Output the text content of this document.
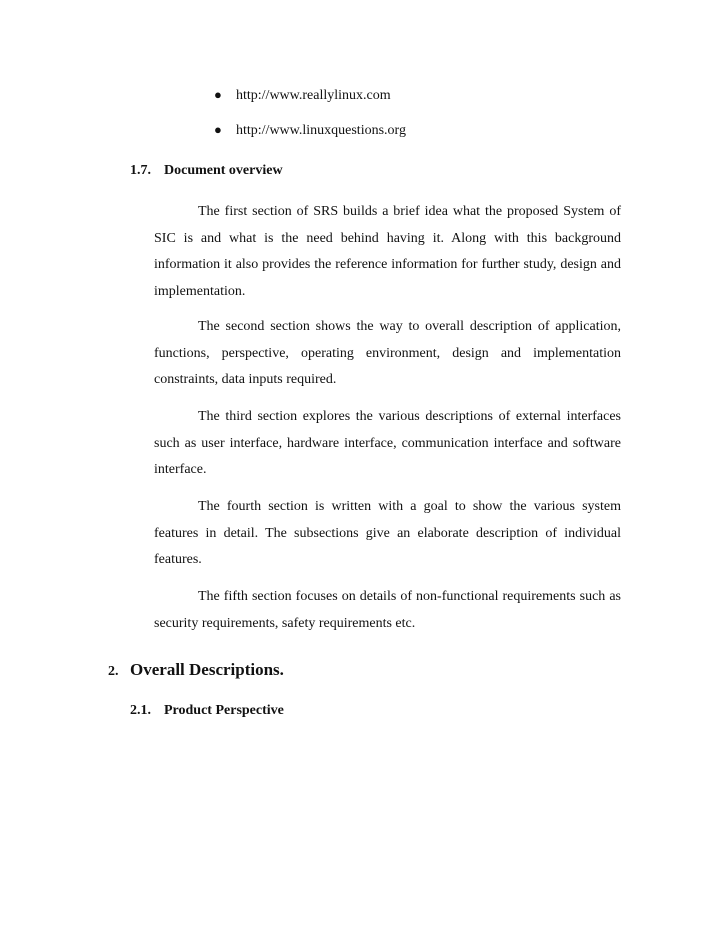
● http://www.reallylinux.com
● http://www.linuxquestions.org
1.7. Document overview

The first section of SRS builds a brief idea what the proposed System of SIC is and what is the need behind having it. Along with this background information it also provides the reference information for further study, design and implementation.

The second section shows the way to overall description of application, functions, perspective, operating environment, design and implementation constraints, data inputs required.

The third section explores the various descriptions of external interfaces such as user interface, hardware interface, communication interface and software interface.

The fourth section is written with a goal to show the various system features in detail. The subsections give an elaborate description of individual features.

The fifth section focuses on details of non-functional requirements such as security requirements, safety requirements etc.

2. Overall Descriptions.
2.1. Product Perspective
